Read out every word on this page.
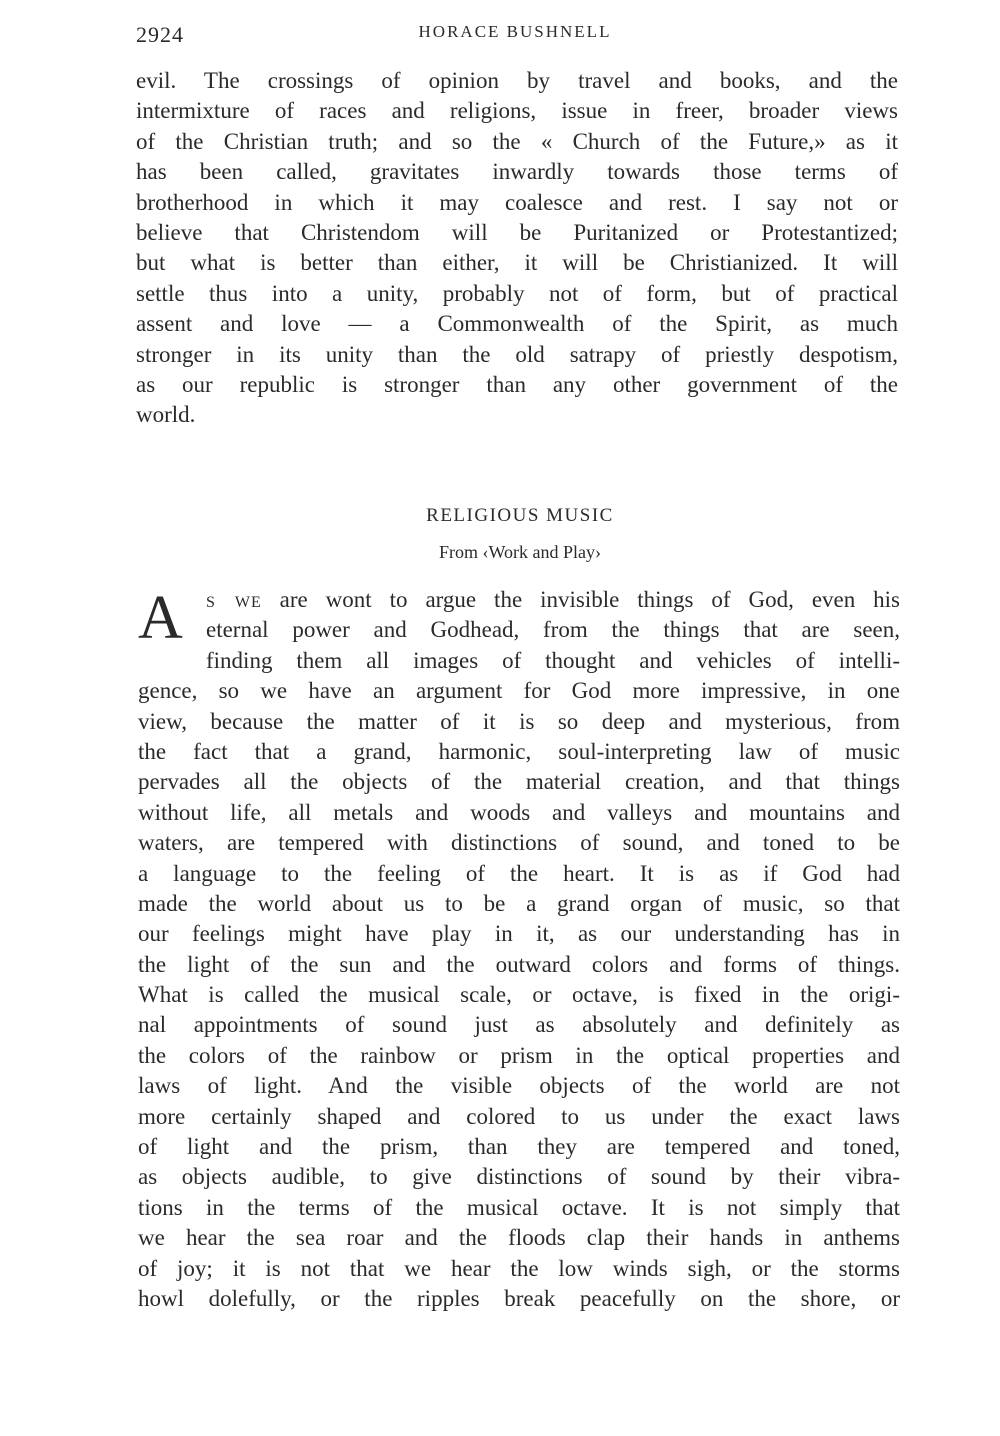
2924	HORACE BUSHNELL
evil. The crossings of opinion by travel and books, and the
intermixture of races and religions, issue in freer, broader views
of the Christian truth; and so the « Church of the Future,» as it
has been called, gravitates inwardly towards those terms of
brotherhood in which it may coalesce and rest. I say not or
believe that Christendom will be Puritanized or Protestantized;
but what is better than either, it will be Christianized. It will
settle thus into a unity, probably not of form, but of practical
assent and love — a Commonwealth of the Spirit, as much
stronger in its unity than the old satrapy of priestly despotism,
as our republic is stronger than any other government of the
world.
RELIGIOUS MUSIC
From ‹Work and Play›
A s we are wont to argue the invisible things of God, even his
eternal power and Godhead, from the things that are seen,
finding them all images of thought and vehicles of intelli-
gence, so we have an argument for God more impressive, in one
view, because the matter of it is so deep and mysterious, from
the fact that a grand, harmonic, soul-interpreting law of music
pervades all the objects of the material creation, and that things
without life, all metals and woods and valleys and mountains and
waters, are tempered with distinctions of sound, and toned to be
a language to the feeling of the heart. It is as if God had
made the world about us to be a grand organ of music, so that
our feelings might have play in it, as our understanding has in
the light of the sun and the outward colors and forms of things.
What is called the musical scale, or octave, is fixed in the origi-
nal appointments of sound just as absolutely and definitely as
the colors of the rainbow or prism in the optical properties and
laws of light. And the visible objects of the world are not
more certainly shaped and colored to us under the exact laws
of light and the prism, than they are tempered and toned,
as objects audible, to give distinctions of sound by their vibra-
tions in the terms of the musical octave. It is not simply that
we hear the sea roar and the floods clap their hands in anthems
of joy; it is not that we hear the low winds sigh, or the storms
howl dolefully, or the ripples break peacefully on the shore, or
